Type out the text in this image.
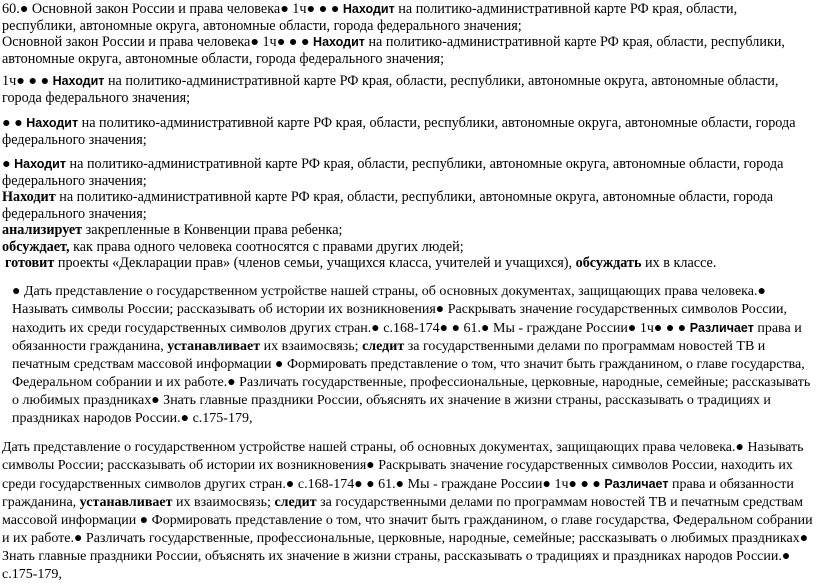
60.● Основной закон России и права человека● 1ч● ● ● Находит на политико-административной карте РФ края, области, республики, автономные округа, автономные области, города федерального значения;

Основной закон России и права человека● 1ч● ● ● Находит на политико-административной карте РФ края, области, республики, автономные округа, автономные области, города федерального значения;

1ч● ● ● Находит на политико-административной карте РФ края, области, республики, автономные округа, автономные области, города федерального значения;

● ● Находит на политико-административной карте РФ края, области, республики, автономные округа, автономные области, города федерального значения;

● Находит на политико-административной карте РФ края, области, республики, автономные округа, автономные области, города федерального значения;

Находит на политико-административной карте РФ края, области, республики, автономные округа, автономные области, города федерального значения;

анализирует закрепленные в Конвенции права ребенка;

обсуждает, как права одного человека соотносятся с правами других людей;

готовит проекты «Декларации прав» (членов семьи, учащихся класса, учителей и учащихся), обсуждать их в классе.

● Дать представление о государственном устройстве нашей страны, об основных документах, защищающих права человека.● Называть символы России; рассказывать об истории их возникновения● Раскрывать значение государственных символов России, находить их среди государственных символов других стран.● с.168-174● ● 61.● Мы - граждане России● 1ч● ● ● Различает права и обязанности гражданина, устанавливает их взаимосвязь; следит за государственными делами по программам новостей ТВ и печатным средствам массовой информации ● Формировать представление о том, что значит быть гражданином, о главе государства, Федеральном собрании и их работе.● Различать государственные, профессиональные, церковные, народные, семейные; рассказывать о любимых праздниках● Знать главные праздники России, объяснять их значение в жизни страны, рассказывать о традициях и праздниках народов России.● с.175-179,

Дать представление о государственном устройстве нашей страны, об основных документах, защищающих права человека.● Называть символы России; рассказывать об истории их возникновения● Раскрывать значение государственных символов России, находить их среди государственных символов других стран.● с.168-174● ● 61.● Мы - граждане России● 1ч● ● ● Различает права и обязанности гражданина, устанавливает их взаимосвязь; следит за государственными делами по программам новостей ТВ и печатным средствам массовой информации ● Формировать представление о том, что значит быть гражданином, о главе государства, Федеральном собрании и их работе.● Различать государственные, профессиональные, церковные, народные, семейные; рассказывать о любимых праздниках● Знать главные праздники России, объяснять их значение в жизни страны, рассказывать о традициях и праздниках народов России.● с.175-179,
